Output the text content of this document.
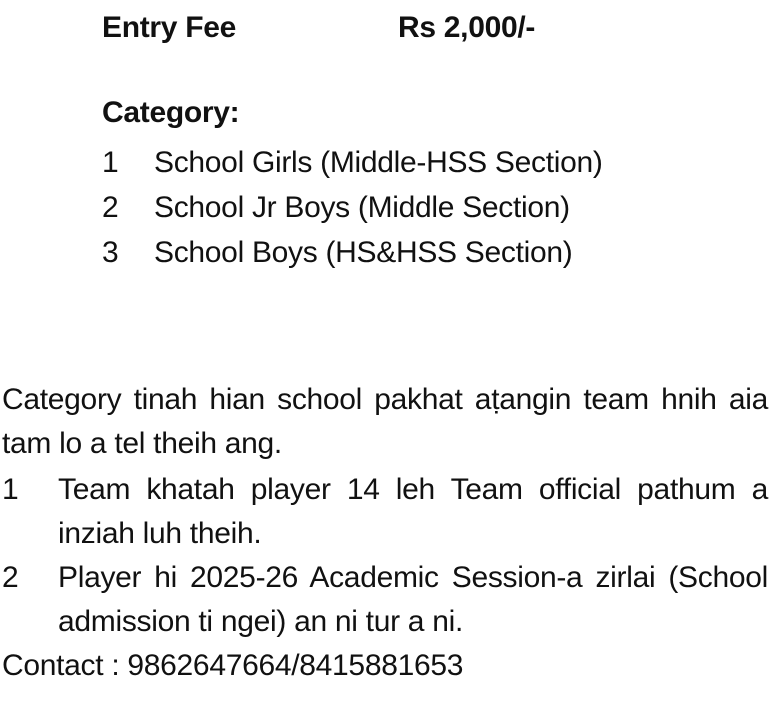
Entry Fee	Rs 2,000/-
Category:
1	School Girls (Middle-HSS Section)
2	School Jr Boys (Middle Section)
3	School Boys (HS&HSS Section)
Category tinah hian school pakhat aṭangin team hnih aia tam lo a tel theih ang.
1	Team khatah player 14 leh Team official pathum a inziah luh theih.
2	Player hi 2025-26 Academic Session-a zirlai (School admission ti ngei) an ni tur a ni.
Contact : 9862647664/8415881653
